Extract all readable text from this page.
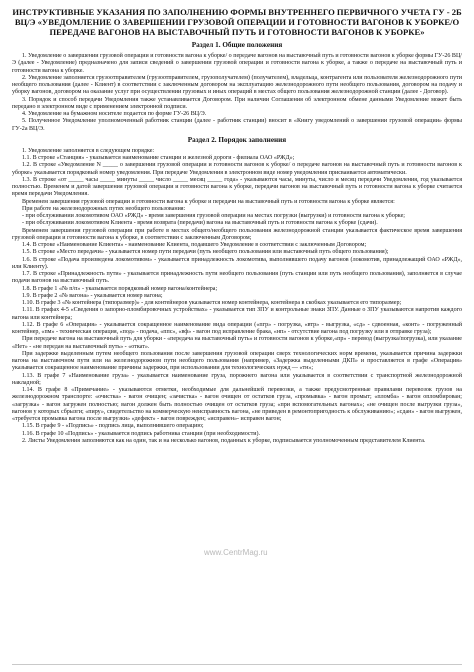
ИНСТРУКТИВНЫЕ УКАЗАНИЯ ПО ЗАПОЛНЕНИЮ ФОРМЫ ВНУТРЕННЕГО ПЕРВИЧНОГО УЧЕТА ГУ - 2Б ВЦ/Э «УВЕДОМЛЕНИЕ О ЗАВЕРШЕНИИ ГРУЗОВОЙ ОПЕРАЦИИ И ГОТОВНОСТИ ВАГОНОВ К УБОРКЕ/О ПЕРЕДАЧЕ ВАГОНОВ НА ВЫСТАВОЧНЫЙ ПУТЬ И ГОТОВНОСТИ ВАГОНОВ К УБОРКЕ»
Раздел 1. Общие положения

1. Уведомление о завершении грузовой операции и готовности вагона к уборке/ о передаче вагонов на выставочный путь и готовности вагонов к уборке формы ГУ-26 ВЦ/Э (далее - Уведомление) предназначено для записи сведений о завершении грузовой операции и готовности вагона к уборке, а также о передаче на выставочный путь и готовности вагона к уборке.

2. Уведомление заполняется грузоотправителем (грузоотправителем, грузополучателем) (получателем), владельца, контрагента или пользователя железнодорожного пути необщего пользования (далее - Клиент) в соответствии с заключенным договором на эксплуатацию железнодорожного пути необщего пользования, договором на подачу и уборку вагонов, договором на оказание услуг при осуществлении грузовых и иных операций в местах общего пользования железнодорожной станции (далее - Договор).

3. Порядок и способ передачи Уведомления также устанавливается Договором. При наличии Соглашения об электронном обмене данными Уведомление может быть передано в электронном виде с применением электронной подписи.

4. Уведомление на бумажном носителе подается по форме ГУ-26 ВЦ/Э.

5. Полученное Уведомление уполномоченный работник станции (далее - работник станции) вносит в «Книгу уведомлений о завершении грузовой операции» формы ГУ-2а ВЦ/Э.

Раздел 2. Порядок заполнения

1. Уведомление заполняется в следующем порядке:

1.1. В строке «Станция» - указывается наименование станции и железной дороги - филиала ОАО «РЖД»;

1.2. В строке «Уведомление N _____ о завершении грузовой операции и готовности вагонов к уборке/ о передаче вагонов на выставочный путь и готовности вагонов к уборке» указывается порядковый номер уведомления. При передаче Уведомления в электронном виде номер уведомления присваивается автоматически.

1.3. В строке «от _____ часы _____ минуты _____ число _____ месяц _____ года» - указываются часы, минуты, число и месяц передачи Уведомления, год указывается полностью. Временем и датой завершения грузовой операции и готовности вагона к уборке, передачи вагонов на выставочный путь и готовности вагона к уборке считается время передачи Уведомления.

Временем завершения грузовой операции и готовности вагона к уборке и передачи на выставочный путь и готовности вагона к уборке является:

При работе на железнодорожных путях необщего пользования:

- при обслуживании локомотивом ОАО «РЖД» - время завершения грузовой операции на местах погрузки (выгрузки) и готовности вагона к уборке;

- при обслуживании локомотивом Клиента - время возврата (передачи) вагона на выставочный путь и готовности вагона к уборке (сдачи).

Временем завершения грузовой операции при работе в местах общего/необщего пользования железнодорожной станции указывается фактическое время завершения грузовой операции и готовности вагона к уборке, в соответствии с заключенным Договором;

1.4. В строке «Наименование Клиента» - наименование Клиента, подавшего Уведомление в соответствии с заключенным Договором;

1.5. В строке «Место передачи» - указывается номер пути передачи (путь необщего пользования или выставочный путь общего пользования);

1.6. В строке «Подача произведена локомотивом» - указывается принадлежность локомотива, выполнявшего подачу вагонов (локомотив, принадлежащий ОАО «РЖД», или Клиенту).

1.7. В строке «Принадлежность пути» - указывается принадлежность пути необщего пользования (путь станции или путь необщего пользования), заполняется в случае подачи вагонов на выставочный путь.

1.8. В графе 1 «№ п/п» - указывается порядковый номер вагона/контейнера;

1.9. В графе 2 «№ вагона» - указывается номер вагона;

1.10. В графе 3 «№ контейнера (типоразмер)» - для контейнеров указывается номер контейнера, контейнера в скобках указывается его типоразмер;

1.11. В графах 4-5 «Сведения о запорно-пломбировочных устройствах» - указывается тип ЗПУ и контрольные знаки ЗПУ. Данные о ЗПУ указываются напротив каждого вагона или контейнера;

1.12. В графе 6 «Операция» - указывается сокращенное наименование вида операции («пгр» - погрузка, «втр» - выгрузка, «сд» - сдвоенная, «конт» - погруженный контейнер, «пм» - техническая операция, «под» - подача, «ппс», «вф» - вагон под исправление брака, «нп» - отсутствие вагона под погрузку или в отправке груза);

При передаче вагона на выставочный путь для уборки - «передача на выставочный путь» и готовности вагонов к уборке,«пр» - перевод (выгрузка/погрузка), или указание «Нет» - «не передан на выставочный путь» - «откат».

При задержке выделенным путем необщего пользования после завершения грузовой операции сверх технологических норм времени, указывается причина задержки вагона на выставочном пути или на железнодорожном пути необщего пользования (например, «Задержка выделенными ДКП» и проставляется в графе «Операция» указывается сокращенное наименование причины задержки, при использовании для технологических нужд — «тн»;

1.13. В графе 7 «Наименование груза» - указывается наименование груза, порожнего вагона или указывается в соответствии с транспортной железнодорожной накладной;

1.14. В графе 8 «Примечание» - указываются отметки, необходимые для дальнейшей перевозки, а также предусмотренные правилами перевозок грузов на железнодорожном транспорте: «очистка» - вагон очищен; «зачистка» - вагон очищен от остатков груза, «промывка» - вагон промыт; «пломба» - вагон опломбирован; «загрузка» - вагон загружен полностью; вагон должен быть полностью очищен от остатков груза; «при вспомогательных вагонах»; «не очищен после выгрузки груза», вагонов у которых сбрызги; «пиру», свидетельство на коммерческую неисправность вагона, «не приведен в ремонтопригодность к обслуживанию»; «сдан» - вагон выгружен, «требуется промывка вагона после выгрузки» «дефект» - вагон поврежден; «исправен»- исправен вагон;

1.15. В графе 9 - «Подпись» - подпись лица, выполнившего операцию;

1.16. В графе 10 «Подпись» - указывается подпись работника станции (при необходимости).

2. Листы Уведомления заполняются как на один, так и на несколько вагонов, поданных к уборке, подписывается уполномоченным представителем Клиента.

www.CentrMag.ru
